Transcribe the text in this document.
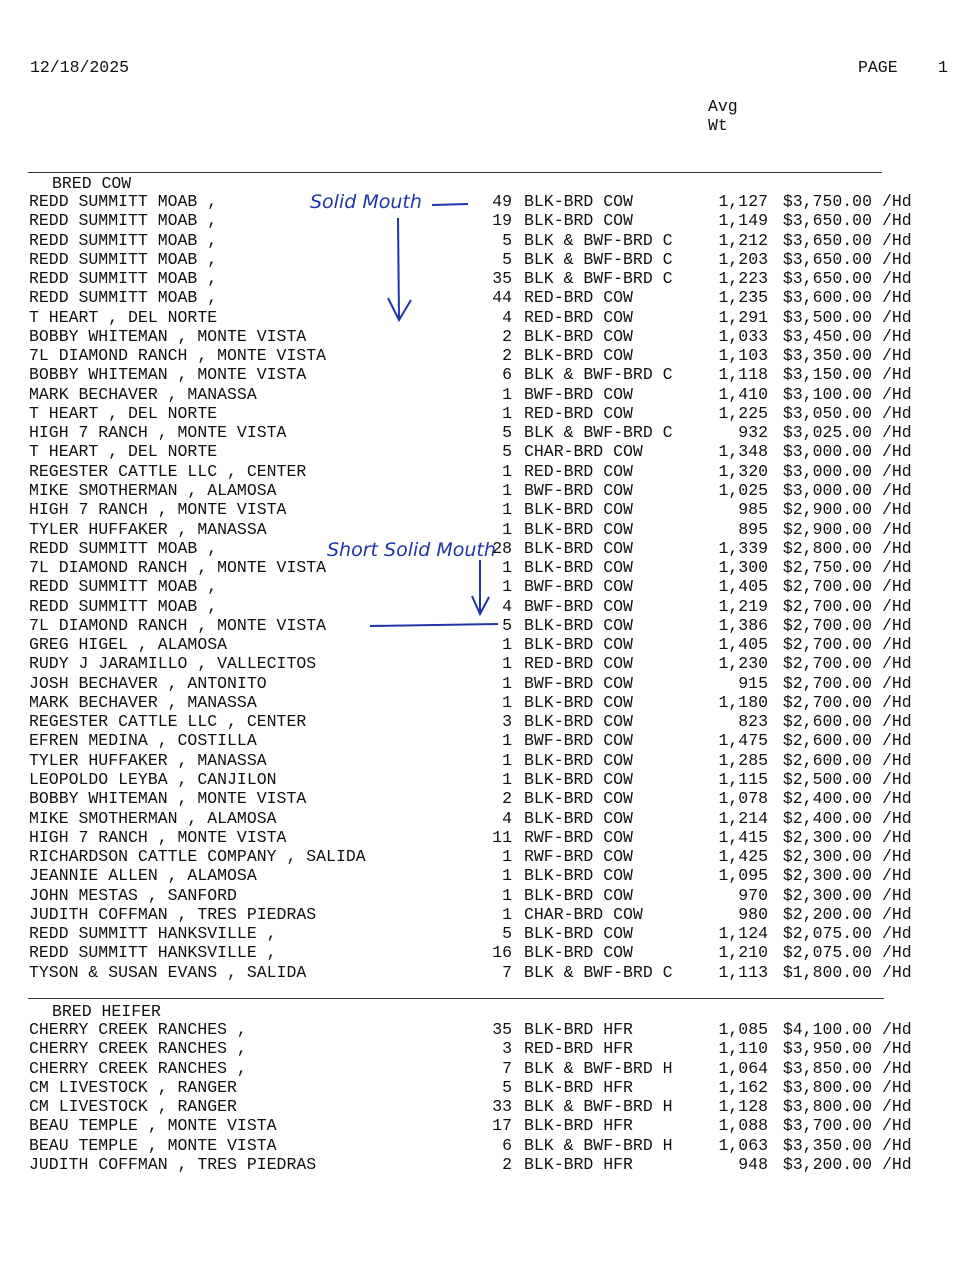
12/18/2025	PAGE 1
Avg
Wt
BRED COW
REDD SUMMITT MOAB ,	49 BLK-BRD COW	1,127 $3,750.00 /Hd
REDD SUMMITT MOAB ,	19 BLK-BRD COW	1,149 $3,650.00 /Hd
REDD SUMMITT MOAB ,	5 BLK & BWF-BRD C	1,212 $3,650.00 /Hd
REDD SUMMITT MOAB ,	5 BLK & BWF-BRD C	1,203 $3,650.00 /Hd
REDD SUMMITT MOAB ,	35 BLK & BWF-BRD C	1,223 $3,650.00 /Hd
REDD SUMMITT MOAB ,	44 RED-BRD COW	1,235 $3,600.00 /Hd
T HEART , DEL NORTE	4 RED-BRD COW	1,291 $3,500.00 /Hd
BOBBY WHITEMAN , MONTE VISTA	2 BLK-BRD COW	1,033 $3,450.00 /Hd
7L DIAMOND RANCH , MONTE VISTA	2 BLK-BRD COW	1,103 $3,350.00 /Hd
BOBBY WHITEMAN , MONTE VISTA	6 BLK & BWF-BRD C	1,118 $3,150.00 /Hd
MARK BECHAVER , MANASSA	1 BWF-BRD COW	1,410 $3,100.00 /Hd
T HEART , DEL NORTE	1 RED-BRD COW	1,225 $3,050.00 /Hd
HIGH 7 RANCH , MONTE VISTA	5 BLK & BWF-BRD C	932 $3,025.00 /Hd
T HEART , DEL NORTE	5 CHAR-BRD COW	1,348 $3,000.00 /Hd
REGESTER CATTLE LLC , CENTER	1 RED-BRD COW	1,320 $3,000.00 /Hd
MIKE SMOTHERMAN , ALAMOSA	1 BWF-BRD COW	1,025 $3,000.00 /Hd
HIGH 7 RANCH , MONTE VISTA	1 BLK-BRD COW	985 $2,900.00 /Hd
TYLER HUFFAKER , MANASSA	1 BLK-BRD COW	895 $2,900.00 /Hd
REDD SUMMITT MOAB ,	28 BLK-BRD COW	1,339 $2,800.00 /Hd
7L DIAMOND RANCH , MONTE VISTA	1 BLK-BRD COW	1,300 $2,750.00 /Hd
REDD SUMMITT MOAB ,	1 BWF-BRD COW	1,405 $2,700.00 /Hd
REDD SUMMITT MOAB ,	4 BWF-BRD COW	1,219 $2,700.00 /Hd
7L DIAMOND RANCH , MONTE VISTA	5 BLK-BRD COW	1,386 $2,700.00 /Hd
GREG HIGEL , ALAMOSA	1 BLK-BRD COW	1,405 $2,700.00 /Hd
RUDY J JARAMILLO , VALLECITOS	1 RED-BRD COW	1,230 $2,700.00 /Hd
JOSH BECHAVER , ANTONITO	1 BWF-BRD COW	915 $2,700.00 /Hd
MARK BECHAVER , MANASSA	1 BLK-BRD COW	1,180 $2,700.00 /Hd
REGESTER CATTLE LLC , CENTER	3 BLK-BRD COW	823 $2,600.00 /Hd
EFREN MEDINA , COSTILLA	1 BWF-BRD COW	1,475 $2,600.00 /Hd
TYLER HUFFAKER , MANASSA	1 BLK-BRD COW	1,285 $2,600.00 /Hd
LEOPOLDO LEYBA , CANJILON	1 BLK-BRD COW	1,115 $2,500.00 /Hd
BOBBY WHITEMAN , MONTE VISTA	2 BLK-BRD COW	1,078 $2,400.00 /Hd
MIKE SMOTHERMAN , ALAMOSA	4 BLK-BRD COW	1,214 $2,400.00 /Hd
HIGH 7 RANCH , MONTE VISTA	11 RWF-BRD COW	1,415 $2,300.00 /Hd
RICHARDSON CATTLE COMPANY , SALIDA	1 RWF-BRD COW	1,425 $2,300.00 /Hd
JEANNIE ALLEN , ALAMOSA	1 BLK-BRD COW	1,095 $2,300.00 /Hd
JOHN MESTAS , SANFORD	1 BLK-BRD COW	970 $2,300.00 /Hd
JUDITH COFFMAN , TRES PIEDRAS	1 CHAR-BRD COW	980 $2,200.00 /Hd
REDD SUMMITT HANKSVILLE ,	5 BLK-BRD COW	1,124 $2,075.00 /Hd
REDD SUMMITT HANKSVILLE ,	16 BLK-BRD COW	1,210 $2,075.00 /Hd
TYSON & SUSAN EVANS , SALIDA	7 BLK & BWF-BRD C	1,113 $1,800.00 /Hd
BRED HEIFER
CHERRY CREEK RANCHES ,	35 BLK-BRD HFR	1,085 $4,100.00 /Hd
CHERRY CREEK RANCHES ,	3 RED-BRD HFR	1,110 $3,950.00 /Hd
CHERRY CREEK RANCHES ,	7 BLK & BWF-BRD H	1,064 $3,850.00 /Hd
CM LIVESTOCK , RANGER	5 BLK-BRD HFR	1,162 $3,800.00 /Hd
CM LIVESTOCK , RANGER	33 BLK & BWF-BRD H	1,128 $3,800.00 /Hd
BEAU TEMPLE , MONTE VISTA	17 BLK-BRD HFR	1,088 $3,700.00 /Hd
BEAU TEMPLE , MONTE VISTA	6 BLK & BWF-BRD H	1,063 $3,350.00 /Hd
JUDITH COFFMAN , TRES PIEDRAS	2 BLK-BRD HFR	948 $3,200.00 /Hd
Solid Mouth
Short Solid Mouth
